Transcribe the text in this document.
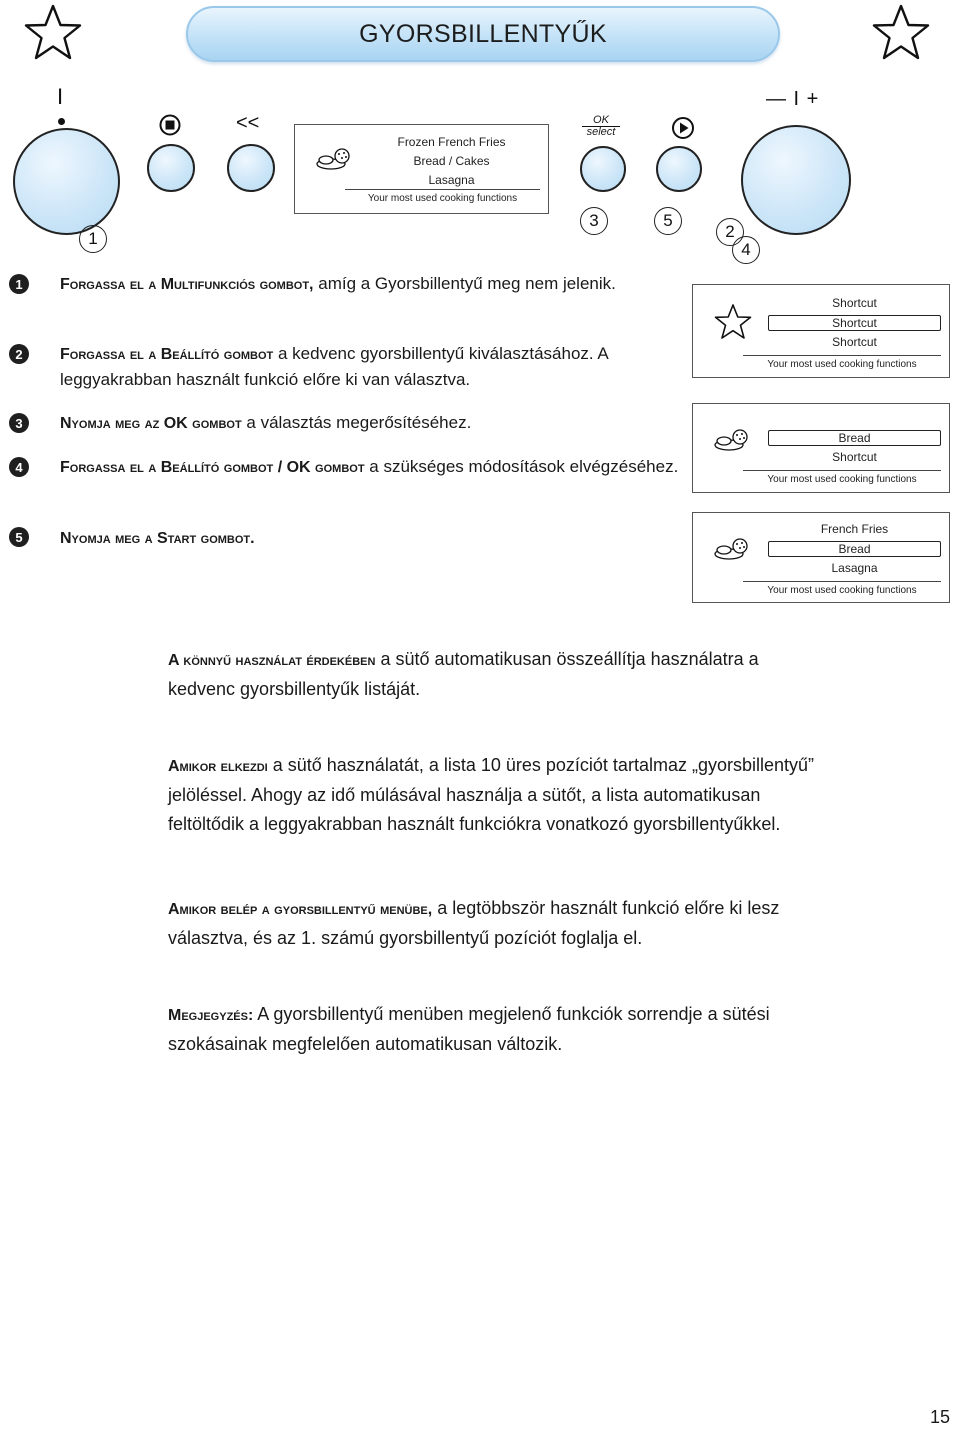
GYORSBILLENTYŰK
I
<<
Frozen French Fries
Bread / Cakes
Lasagna
Your most used cooking functions
OK
select
— I +
1
3	5
2
4
1	Forgassa el a Multifunkciós gombot, amíg a Gyorsbillentyű meg nem jelenik.
2	Forgassa el a Beállító gombot a kedvenc gyorsbillentyű kiválasztásához. A leggyakrabban használt funkció előre ki van választva.
3	Nyomja meg az OK gombot a választás megerősítéséhez.
4	Forgassa el a Beállító gombot / OK gombot a szükséges módosítások elvégzéséhez.
5	Nyomja meg a Start gombot.
Shortcut
Shortcut
Shortcut
Your most used cooking functions
Bread
Shortcut
Your most used cooking functions
French Fries
Bread
Lasagna
Your most used cooking functions
A könnyű használat érdekében a sütő automatikusan összeállítja használatra a kedvenc gyorsbillentyűk listáját.
Amikor elkezdi a sütő használatát, a lista 10 üres pozíciót tartalmaz „gyorsbillentyű” jelöléssel. Ahogy az idő múlásával használja a sütőt, a lista automatikusan feltöltődik a leggyakrabban használt funkciókra vonatkozó gyorsbillentyűkkel.
Amikor belép a gyorsbillentyű menübe, a legtöbbször használt funkció előre ki lesz választva, és az 1. számú gyorsbillentyű pozíciót foglalja el.
Megjegyzés: A gyorsbillentyű menüben megjelenő funkciók sorrendje a sütési szokásainak megfelelően automatikusan változik.
15
